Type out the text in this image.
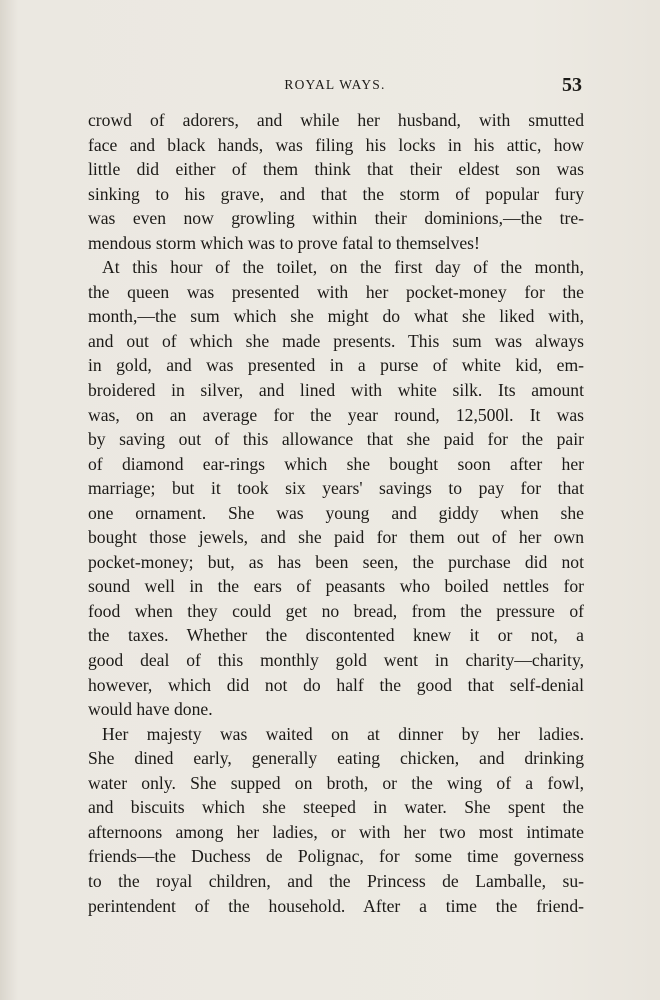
ROYAL WAYS.	53
crowd of adorers, and while her husband, with smutted
face and black hands, was filing his locks in his attic, how
little did either of them think that their eldest son was
sinking to his grave, and that the storm of popular fury
was even now growling within their dominions,—the tre-
mendous storm which was to prove fatal to themselves!
At this hour of the toilet, on the first day of the month,
the queen was presented with her pocket-money for the
month,—the sum which she might do what she liked with,
and out of which she made presents. This sum was always
in gold, and was presented in a purse of white kid, em-
broidered in silver, and lined with white silk. Its amount
was, on an average for the year round, 12,500l. It was
by saving out of this allowance that she paid for the pair
of diamond ear-rings which she bought soon after her
marriage; but it took six years' savings to pay for that
one ornament. She was young and giddy when she
bought those jewels, and she paid for them out of her own
pocket-money; but, as has been seen, the purchase did not
sound well in the ears of peasants who boiled nettles for
food when they could get no bread, from the pressure of
the taxes. Whether the discontented knew it or not, a
good deal of this monthly gold went in charity—charity,
however, which did not do half the good that self-denial
would have done.
Her majesty was waited on at dinner by her ladies.
She dined early, generally eating chicken, and drinking
water only. She supped on broth, or the wing of a fowl,
and biscuits which she steeped in water. She spent the
afternoons among her ladies, or with her two most intimate
friends—the Duchess de Polignac, for some time governess
to the royal children, and the Princess de Lamballe, su-
perintendent of the household. After a time the friend-
